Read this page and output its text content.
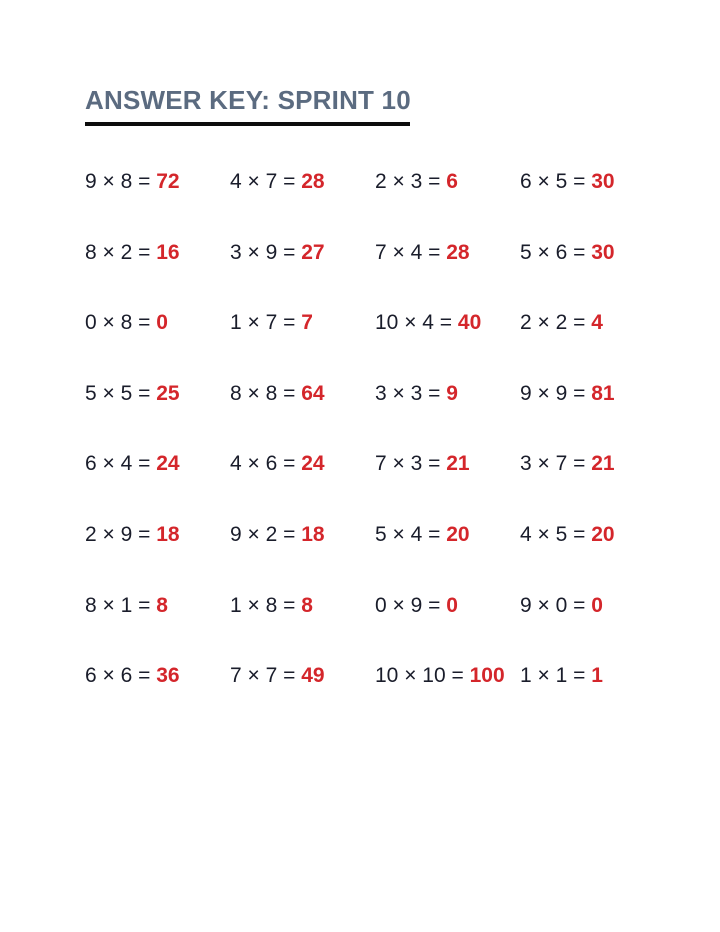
ANSWER KEY: SPRINT 10
9 × 8 = 72	4 × 7 = 28	2 × 3 = 6	6 × 5 = 30
8 × 2 = 16	3 × 9 = 27	7 × 4 = 28	5 × 6 = 30
0 × 8 = 0	1 × 7 = 7	10 × 4 = 40	2 × 2 = 4
5 × 5 = 25	8 × 8 = 64	3 × 3 = 9	9 × 9 = 81
6 × 4 = 24	4 × 6 = 24	7 × 3 = 21	3 × 7 = 21
2 × 9 = 18	9 × 2 = 18	5 × 4 = 20	4 × 5 = 20
8 × 1 = 8	1 × 8 = 8	0 × 9 = 0	9 × 0 = 0
6 × 6 = 36	7 × 7 = 49	10 × 10 = 100 1 × 1 = 1
